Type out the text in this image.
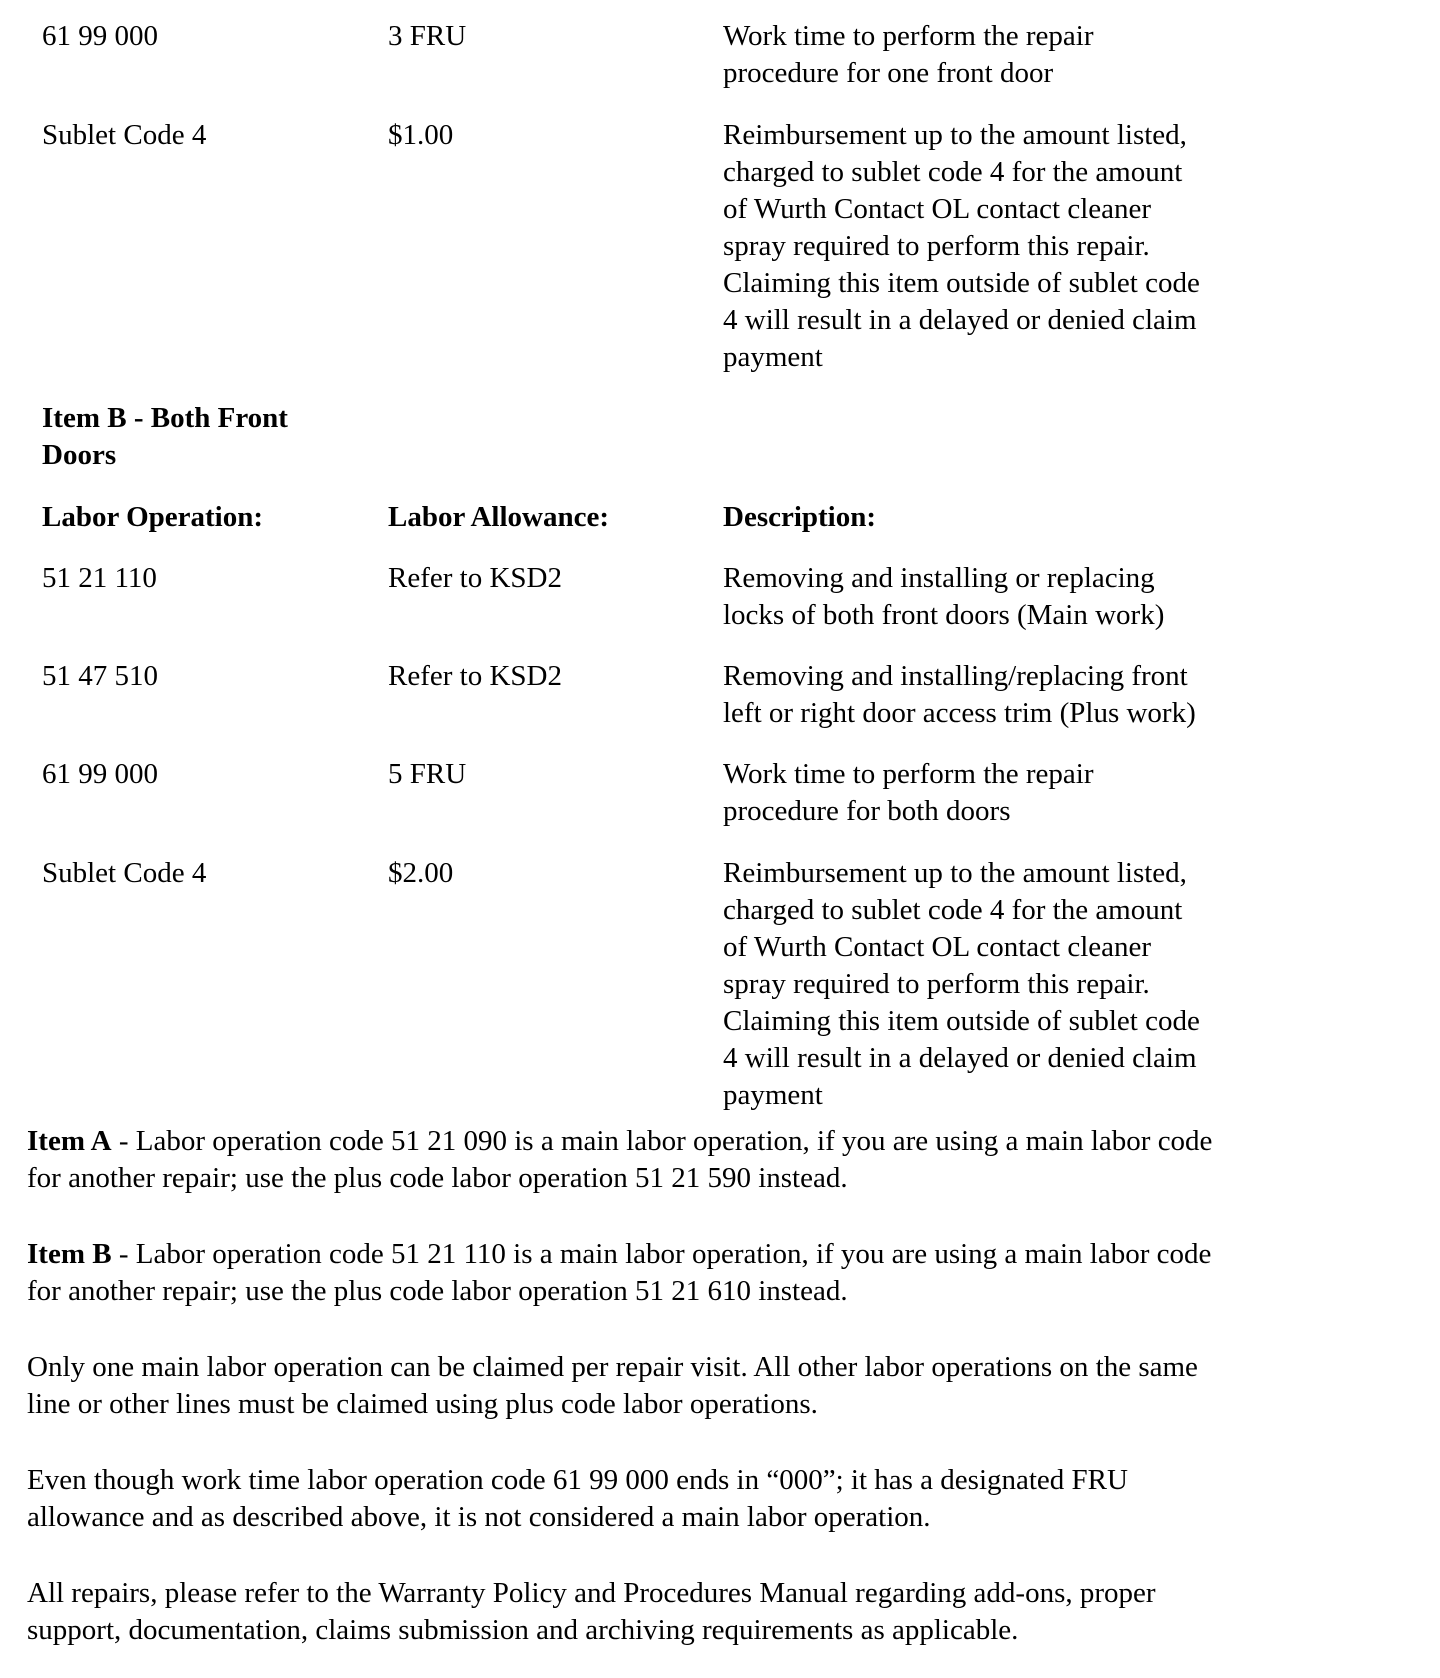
61 99 000	3 FRU	Work time to perform the repair
procedure for one front door
Sublet Code 4	$1.00	Reimbursement up to the amount listed,
charged to sublet code 4 for the amount
of Wurth Contact OL contact cleaner
spray required to perform this repair.
Claiming this item outside of sublet code
4 will result in a delayed or denied claim
payment
Item B - Both Front
Doors
Labor Operation:	Labor Allowance:	Description:
51 21 110	Refer to KSD2	Removing and installing or replacing
locks of both front doors (Main work)
51 47 510	Refer to KSD2	Removing and installing/replacing front
left or right door access trim (Plus work)
61 99 000	5 FRU	Work time to perform the repair
procedure for both doors
Sublet Code 4	$2.00	Reimbursement up to the amount listed,
charged to sublet code 4 for the amount
of Wurth Contact OL contact cleaner
spray required to perform this repair.
Claiming this item outside of sublet code
4 will result in a delayed or denied claim
payment
Item A - Labor operation code 51 21 090 is a main labor operation, if you are using a main labor code
for another repair; use the plus code labor operation 51 21 590 instead.
Item B - Labor operation code 51 21 110 is a main labor operation, if you are using a main labor code
for another repair; use the plus code labor operation 51 21 610 instead.
Only one main labor operation can be claimed per repair visit. All other labor operations on the same
line or other lines must be claimed using plus code labor operations.
Even though work time labor operation code 61 99 000 ends in “000”; it has a designated FRU
allowance and as described above, it is not considered a main labor operation.
All repairs, please refer to the Warranty Policy and Procedures Manual regarding add-ons, proper
support, documentation, claims submission and archiving requirements as applicable.
